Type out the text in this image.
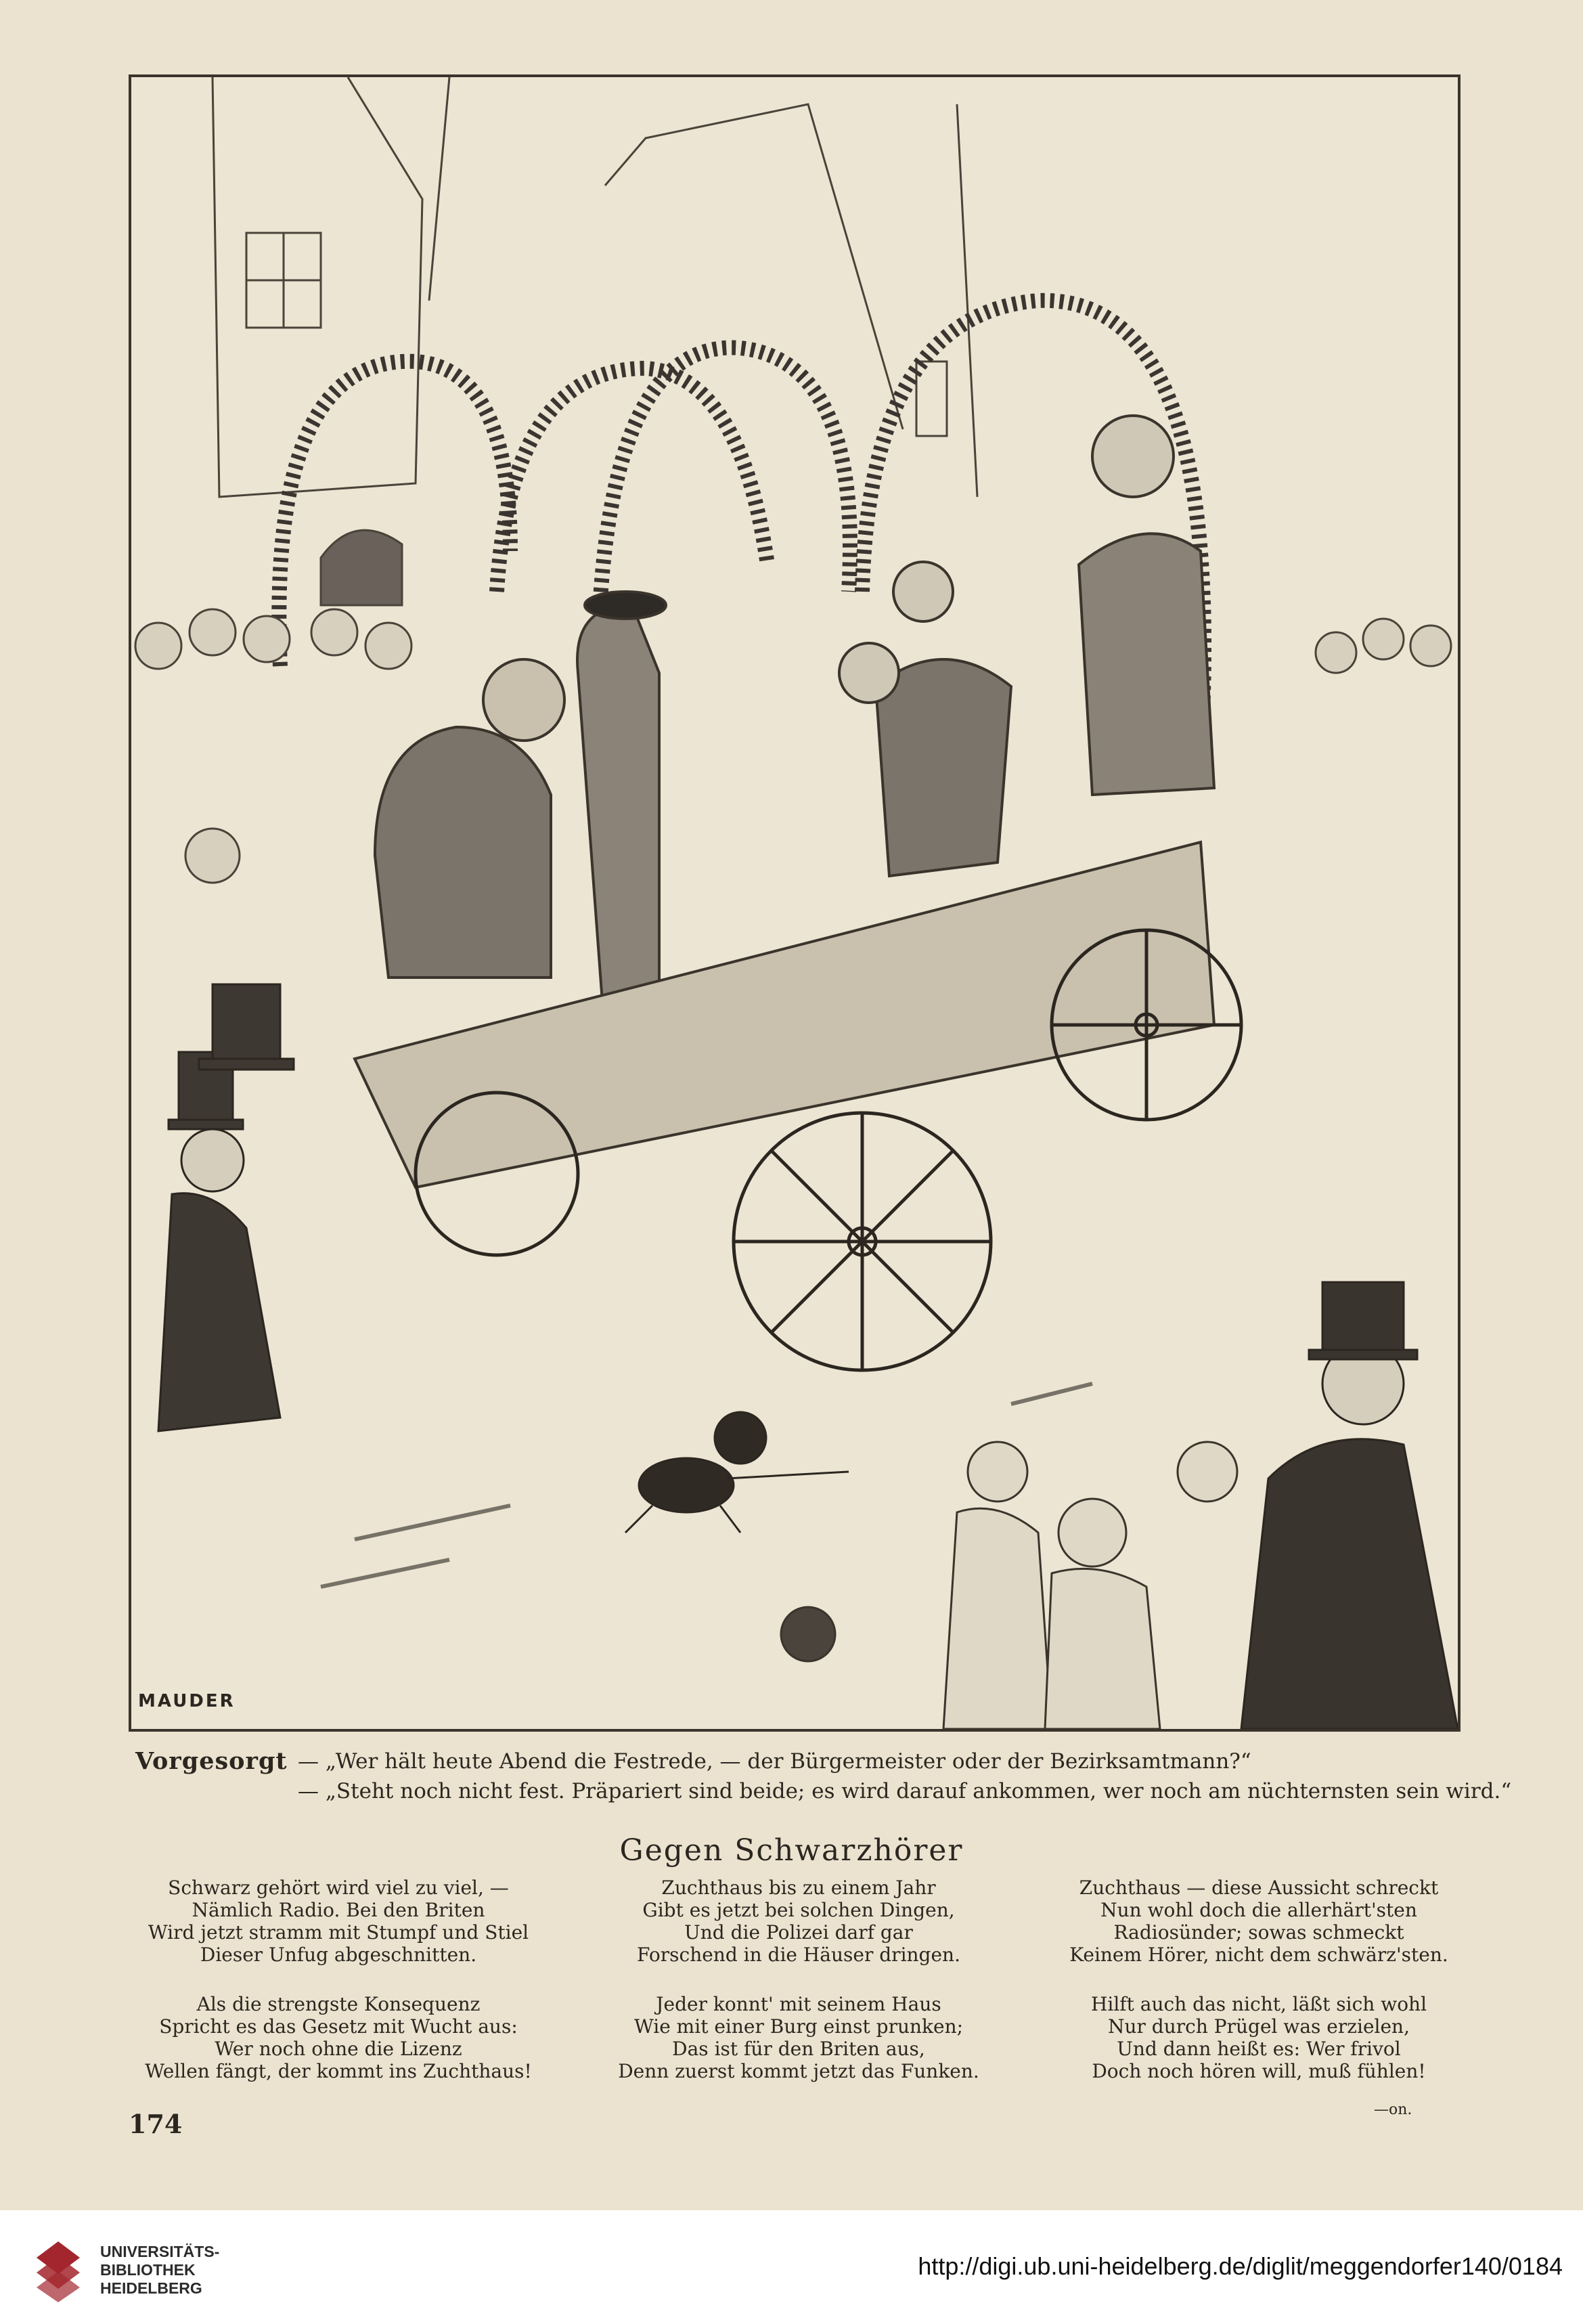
MAUDER
Vorgesorgt — „Wer hält heute Abend die Festrede, — der Bürgermeister oder der Bezirksamtmann?“
— „Steht noch nicht fest. Präpariert sind beide; es wird darauf ankommen, wer noch am nüchternsten sein wird.“
Gegen Schwarzhörer
Schwarz gehört wird viel zu viel, —
Nämlich Radio. Bei den Briten
Wird jetzt stramm mit Stumpf und Stiel
Dieser Unfug abgeschnitten.
Zuchthaus bis zu einem Jahr
Gibt es jetzt bei solchen Dingen,
Und die Polizei darf gar
Forschend in die Häuser dringen.
Zuchthaus — diese Aussicht schreckt
Nun wohl doch die allerhärt'sten
Radiosünder; sowas schmeckt
Keinem Hörer, nicht dem schwärz'sten.
Als die strengste Konsequenz
Spricht es das Gesetz mit Wucht aus:
Wer noch ohne die Lizenz
Wellen fängt, der kommt ins Zuchthaus!
Jeder konnt' mit seinem Haus
Wie mit einer Burg einst prunken;
Das ist für den Briten aus,
Denn zuerst kommt jetzt das Funken.
Hilft auch das nicht, läßt sich wohl
Nur durch Prügel was erzielen,
Und dann heißt es: Wer frivol
Doch noch hören will, muß fühlen!
174	—on.
UNIVERSITÄTS-
BIBLIOTHEK
HEIDELBERG
http://digi.ub.uni-heidelberg.de/diglit/meggendorfer140/0184
